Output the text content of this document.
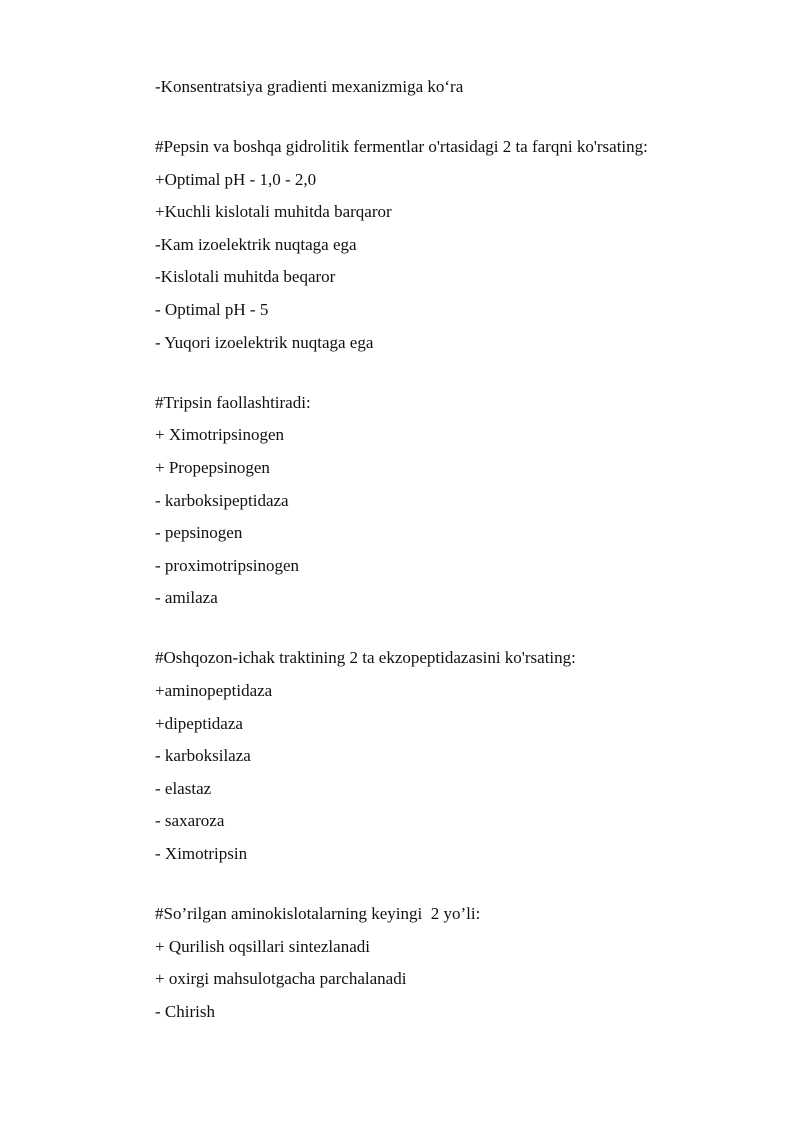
-Konsentratsiya gradienti mexanizmiga ko‘ra
#Pepsin va boshqa gidrolitik fermentlar o'rtasidagi 2 ta farqni ko'rsating:
+Optimal pH - 1,0 - 2,0
+Kuchli kislotali muhitda barqaror
-Kam izoelektrik nuqtaga ega
-Kislotali muhitda beqaror
- Optimal pH - 5
- Yuqori izoelektrik nuqtaga ega
#Tripsin faollashtiradi:
+ Ximotripsinogen
+ Propepsinogen
- karboksipeptidaza
- pepsinogen
- proximotripsinogen
- amilaza
#Oshqozon-ichak traktining 2 ta ekzopeptidazasini ko'rsating:
+aminopeptidaza
+dipeptidaza
- karboksilaza
- elastaz
- saxaroza
- Ximotripsin
#So’rilgan aminokislotalarning keyingi  2 yo’li:
+ Qurilish oqsillari sintezlanadi
+ oxirgi mahsulotgacha parchalanadi
- Chirish
